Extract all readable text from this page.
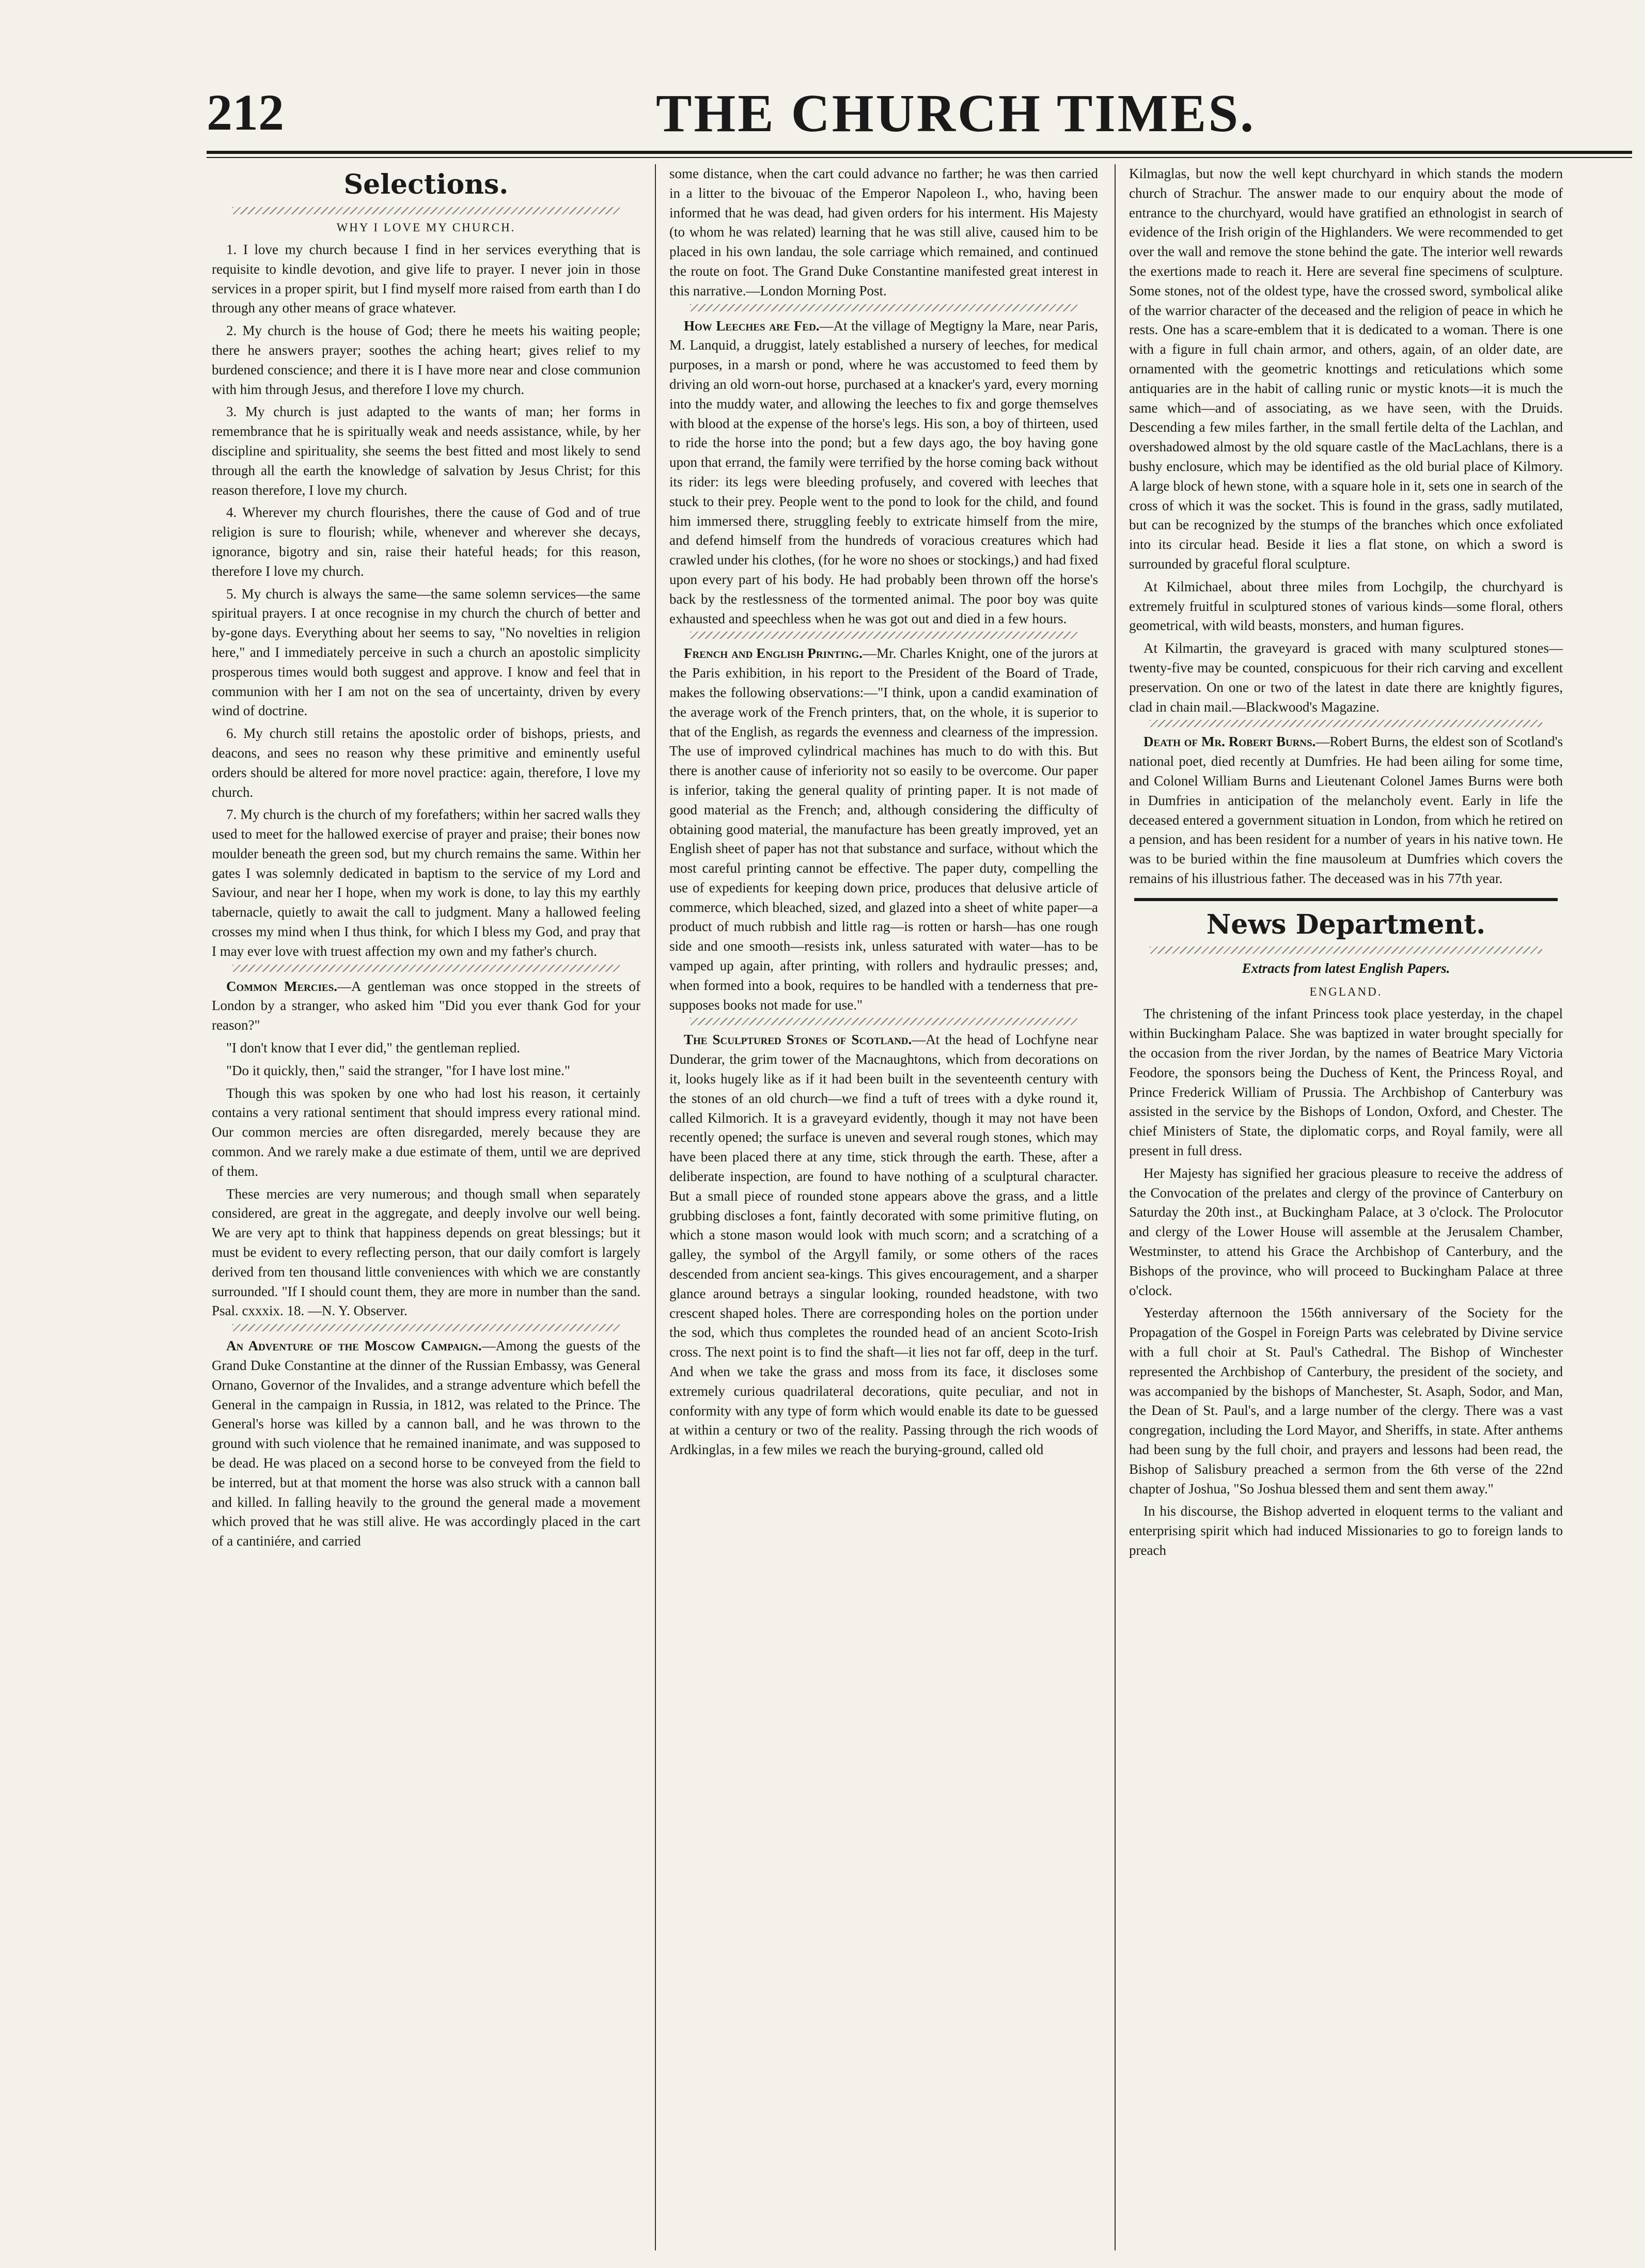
212	THE CHURCH TIMES.
Selections.
WHY I LOVE MY CHURCH.

1. I love my church because I find in her services everything that is requisite to kindle devotion, and give life to prayer. I never join in those services in a proper spirit, but I find myself more raised from earth than I do through any other means of grace whatever.

2. My church is the house of God; there he meets his waiting people; there he answers prayer; soothes the aching heart; gives relief to my burdened conscience; and there it is I have more near and close communion with him through Jesus, and therefore I love my church.

3. My church is just adapted to the wants of man; her forms in remembrance that he is spiritually weak and needs assistance, while, by her discipline and spirituality, she seems the best fitted and most likely to send through all the earth the knowledge of salvation by Jesus Christ; for this reason therefore, I love my church.

4. Wherever my church flourishes, there the cause of God and of true religion is sure to flourish; while, whenever and wherever she decays, ignorance, bigotry and sin, raise their hateful heads; for this reason, therefore I love my church.

5. My church is always the same—the same solemn services—the same spiritual prayers. I at once recognise in my church the church of better and by-gone days. Everything about her seems to say, "No novelties in religion here," and I immediately perceive in such a church an apostolic simplicity prosperous times would both suggest and approve. I know and feel that in communion with her I am not on the sea of uncertainty, driven by every wind of doctrine.

6. My church still retains the apostolic order of bishops, priests, and deacons, and sees no reason why these primitive and eminently useful orders should be altered for more novel practice: again, therefore, I love my church.

7. My church is the church of my forefathers; within her sacred walls they used to meet for the hallowed exercise of prayer and praise; their bones now moulder beneath the green sod, but my church remains the same. Within her gates I was solemnly dedicated in baptism to the service of my Lord and Saviour, and near her I hope, when my work is done, to lay this my earthly tabernacle, quietly to await the call to judgment. Many a hallowed feeling crosses my mind when I thus think, for which I bless my God, and pray that I may ever love with truest affection my own and my father's church.

Common Mercies.—A gentleman was once stopped in the streets of London by a stranger, who asked him "Did you ever thank God for your reason?"

"I don't know that I ever did," the gentleman replied.

"Do it quickly, then," said the stranger, "for I have lost mine."

Though this was spoken by one who had lost his reason, it certainly contains a very rational sentiment that should impress every rational mind. Our common mercies are often disregarded, merely because they are common. And we rarely make a due estimate of them, until we are deprived of them.

These mercies are very numerous; and though small when separately considered, are great in the aggregate, and deeply involve our well being. We are very apt to think that happiness depends on great blessings; but it must be evident to every reflecting person, that our daily comfort is largely derived from ten thousand little conveniences with which we are constantly surrounded. "If I should count them, they are more in number than the sand. Psal. cxxxix. 18. —N. Y. Observer.

An Adventure of the Moscow Campaign.—Among the guests of the Grand Duke Constantine at the dinner of the Russian Embassy, was General Ornano, Governor of the Invalides, and a strange adventure which befell the General in the campaign in Russia, in 1812, was related to the Prince. The General's horse was killed by a cannon ball, and he was thrown to the ground with such violence that he remained inanimate, and was supposed to be dead. He was placed on a second horse to be conveyed from the field to be interred, but at that moment the horse was also struck with a cannon ball and killed. In falling heavily to the ground the general made a movement which proved that he was still alive. He was accordingly placed in the cart of a cantiniére, and carried

some distance, when the cart could advance no farther; he was then carried in a litter to the bivouac of the Emperor Napoleon I., who, having been informed that he was dead, had given orders for his interment. His Majesty (to whom he was related) learning that he was still alive, caused him to be placed in his own landau, the sole carriage which remained, and continued the route on foot. The Grand Duke Constantine manifested great interest in this narrative.—London Morning Post.

How Leeches are Fed.—At the village of Megtigny la Mare, near Paris, M. Lanquid, a druggist, lately established a nursery of leeches, for medical purposes, in a marsh or pond, where he was accustomed to feed them by driving an old worn-out horse, purchased at a knacker's yard, every morning into the muddy water, and allowing the leeches to fix and gorge themselves with blood at the expense of the horse's legs. His son, a boy of thirteen, used to ride the horse into the pond; but a few days ago, the boy having gone upon that errand, the family were terrified by the horse coming back without its rider: its legs were bleeding profusely, and covered with leeches that stuck to their prey. People went to the pond to look for the child, and found him immersed there, struggling feebly to extricate himself from the mire, and defend himself from the hundreds of voracious creatures which had crawled under his clothes, (for he wore no shoes or stockings,) and had fixed upon every part of his body. He had probably been thrown off the horse's back by the restlessness of the tormented animal. The poor boy was quite exhausted and speechless when he was got out and died in a few hours.

French and English Printing.—Mr. Charles Knight, one of the jurors at the Paris exhibition, in his report to the President of the Board of Trade, makes the following observations:—"I think, upon a candid examination of the average work of the French printers, that, on the whole, it is superior to that of the English, as regards the evenness and clearness of the impression. The use of improved cylindrical machines has much to do with this. But there is another cause of inferiority not so easily to be overcome. Our paper is inferior, taking the general quality of printing paper. It is not made of good material as the French; and, although considering the difficulty of obtaining good material, the manufacture has been greatly improved, yet an English sheet of paper has not that substance and surface, without which the most careful printing cannot be effective. The paper duty, compelling the use of expedients for keeping down price, produces that delusive article of commerce, which bleached, sized, and glazed into a sheet of white paper—a product of much rubbish and little rag—is rotten or harsh—has one rough side and one smooth—resists ink, unless saturated with water—has to be vamped up again, after printing, with rollers and hydraulic presses; and, when formed into a book, requires to be handled with a tenderness that pre-supposes books not made for use."

The Sculptured Stones of Scotland.—At the head of Lochfyne near Dunderar, the grim tower of the Macnaughtons, which from decorations on it, looks hugely like as if it had been built in the seventeenth century with the stones of an old church—we find a tuft of trees with a dyke round it, called Kilmorich. It is a graveyard evidently, though it may not have been recently opened; the surface is uneven and several rough stones, which may have been placed there at any time, stick through the earth. These, after a deliberate inspection, are found to have nothing of a sculptural character. But a small piece of rounded stone appears above the grass, and a little grubbing discloses a font, faintly decorated with some primitive fluting, on which a stone mason would look with much scorn; and a scratching of a galley, the symbol of the Argyll family, or some others of the races descended from ancient sea-kings. This gives encouragement, and a sharper glance around betrays a singular looking, rounded headstone, with two crescent shaped holes. There are corresponding holes on the portion under the sod, which thus completes the rounded head of an ancient Scoto-Irish cross. The next point is to find the shaft—it lies not far off, deep in the turf. And when we take the grass and moss from its face, it discloses some extremely curious quadrilateral decorations, quite peculiar, and not in conformity with any type of form which would enable its date to be guessed at within a century or two of the reality. Passing through the rich woods of Ardkinglas, in a few miles we reach the burying-ground, called old

Kilmaglas, but now the well kept churchyard in which stands the modern church of Strachur. The answer made to our enquiry about the mode of entrance to the churchyard, would have gratified an ethnologist in search of evidence of the Irish origin of the Highlanders. We were recommended to get over the wall and remove the stone behind the gate. The interior well rewards the exertions made to reach it. Here are several fine specimens of sculpture. Some stones, not of the oldest type, have the crossed sword, symbolical alike of the warrior character of the deceased and the religion of peace in which he rests. One has a scare-emblem that it is dedicated to a woman. There is one with a figure in full chain armor, and others, again, of an older date, are ornamented with the geometric knottings and reticulations which some antiquaries are in the habit of calling runic or mystic knots—it is much the same which—and of associating, as we have seen, with the Druids. Descending a few miles farther, in the small fertile delta of the Lachlan, and overshadowed almost by the old square castle of the MacLachlans, there is a bushy enclosure, which may be identified as the old burial place of Kilmory. A large block of hewn stone, with a square hole in it, sets one in search of the cross of which it was the socket. This is found in the grass, sadly mutilated, but can be recognized by the stumps of the branches which once exfoliated into its circular head. Beside it lies a flat stone, on which a sword is surrounded by graceful floral sculpture.

At Kilmichael, about three miles from Lochgilp, the churchyard is extremely fruitful in sculptured stones of various kinds—some floral, others geometrical, with wild beasts, monsters, and human figures.

At Kilmartin, the graveyard is graced with many sculptured stones—twenty-five may be counted, conspicuous for their rich carving and excellent preservation. On one or two of the latest in date there are knightly figures, clad in chain mail.—Blackwood's Magazine.

Death of Mr. Robert Burns.—Robert Burns, the eldest son of Scotland's national poet, died recently at Dumfries. He had been ailing for some time, and Colonel William Burns and Lieutenant Colonel James Burns were both in Dumfries in anticipation of the melancholy event. Early in life the deceased entered a government situation in London, from which he retired on a pension, and has been resident for a number of years in his native town. He was to be buried within the fine mausoleum at Dumfries which covers the remains of his illustrious father. The deceased was in his 77th year.

News Department.
Extracts from latest English Papers.
ENGLAND.

The christening of the infant Princess took place yesterday, in the chapel within Buckingham Palace. She was baptized in water brought specially for the occasion from the river Jordan, by the names of Beatrice Mary Victoria Feodore, the sponsors being the Duchess of Kent, the Princess Royal, and Prince Frederick William of Prussia. The Archbishop of Canterbury was assisted in the service by the Bishops of London, Oxford, and Chester. The chief Ministers of State, the diplomatic corps, and Royal family, were all present in full dress.

Her Majesty has signified her gracious pleasure to receive the address of the Convocation of the prelates and clergy of the province of Canterbury on Saturday the 20th inst., at Buckingham Palace, at 3 o'clock. The Prolocutor and clergy of the Lower House will assemble at the Jerusalem Chamber, Westminster, to attend his Grace the Archbishop of Canterbury, and the Bishops of the province, who will proceed to Buckingham Palace at three o'clock.

Yesterday afternoon the 156th anniversary of the Society for the Propagation of the Gospel in Foreign Parts was celebrated by Divine service with a full choir at St. Paul's Cathedral. The Bishop of Winchester represented the Archbishop of Canterbury, the president of the society, and was accompanied by the bishops of Manchester, St. Asaph, Sodor, and Man, the Dean of St. Paul's, and a large number of the clergy. There was a vast congregation, including the Lord Mayor, and Sheriffs, in state. After anthems had been sung by the full choir, and prayers and lessons had been read, the Bishop of Salisbury preached a sermon from the 6th verse of the 22nd chapter of Joshua, "So Joshua blessed them and sent them away."

In his discourse, the Bishop adverted in eloquent terms to the valiant and enterprising spirit which had induced Missionaries to go to foreign lands to preach
